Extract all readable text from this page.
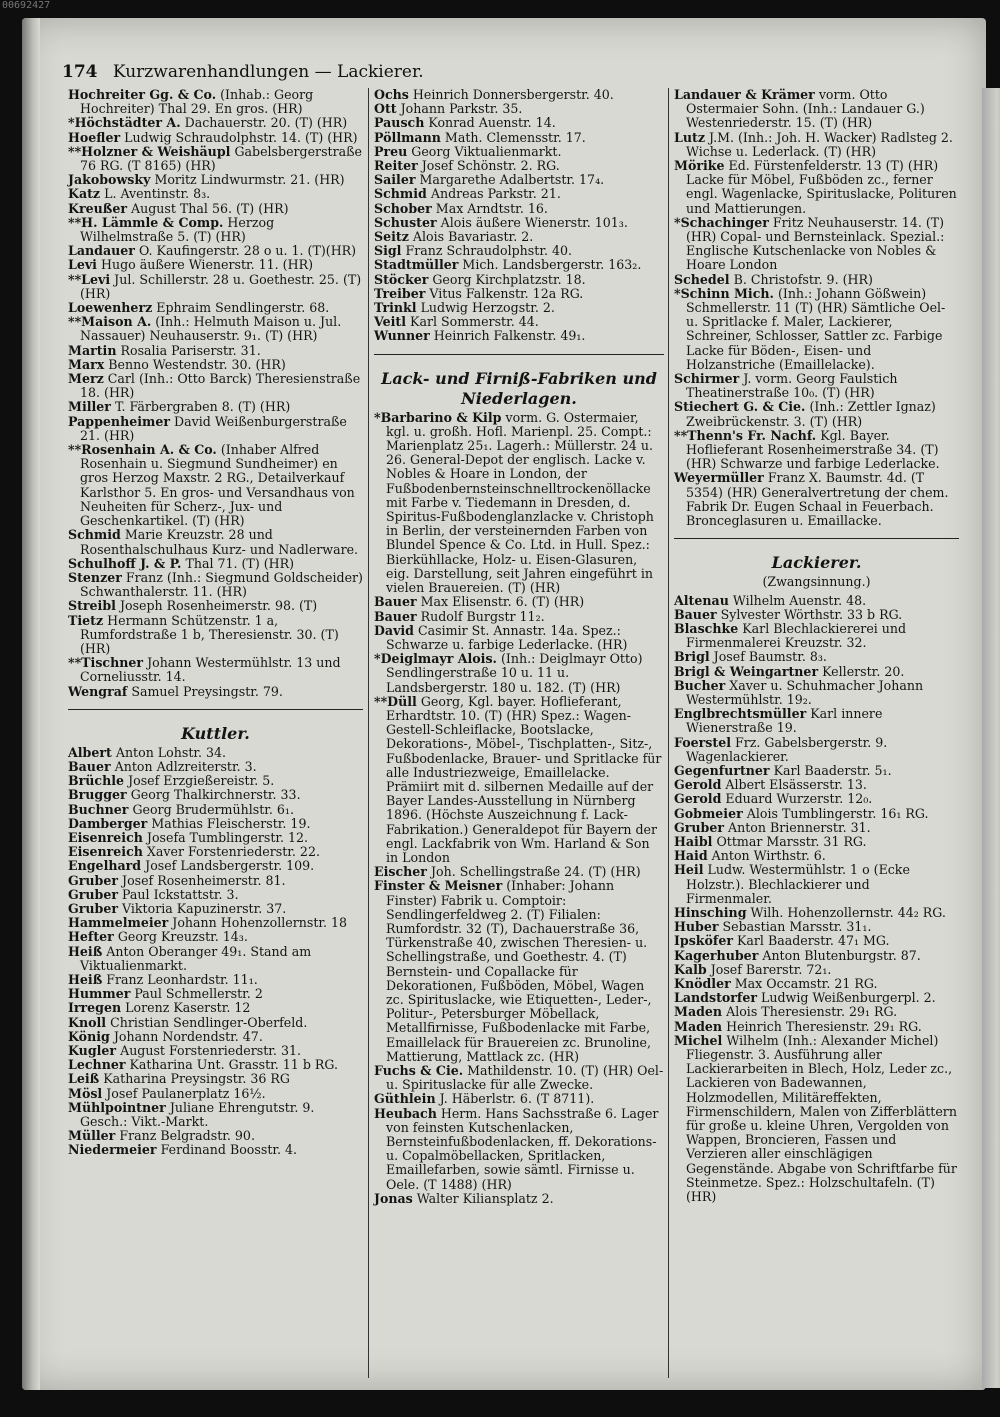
00692427

174 Kurzwarenhandlungen — Lackierer.

Hochreiter Gg. & Co. (Inhab.: Georg Hochreiter) Thal 29. En gros. (HR)

*Höchstädter A. Dachauerstr. 20. (T) (HR)

Hoefler Ludwig Schraudolphstr. 14. (T) (HR)

**Holzner & Weishäupl Gabelsbergerstraße 76 RG. (T 8165) (HR)

Jakobowsky Moritz Lindwurmstr. 21. (HR)

Katz L. Aventinstr. 8₃.

Kreußer August Thal 56. (T) (HR)

**H. Lämmle & Comp. Herzog Wilhelmstraße 5. (T) (HR)

Landauer O. Kaufingerstr. 28 o u. 1. (T)(HR)

Levi Hugo äußere Wienerstr. 11. (HR)

**Levi Jul. Schillerstr. 28 u. Goethestr. 25. (T) (HR)

Loewenherz Ephraim Sendlingerstr. 68.

**Maison A. (Inh.: Helmuth Maison u. Jul. Nassauer) Neuhauserstr. 9₁. (T) (HR)

Martin Rosalia Pariserstr. 31.

Marx Benno Westendstr. 30. (HR)

Merz Carl (Inh.: Otto Barck) Theresienstraße 18. (HR)

Miller T. Färbergraben 8. (T) (HR)

Pappenheimer David Weißenburgerstraße 21. (HR)

**Rosenhain A. & Co. (Inhaber Alfred Rosenhain u. Siegmund Sundheimer) en gros Herzog Maxstr. 2 RG., Detailverkauf Karlsthor 5. En gros- und Versandhaus von Neuheiten für Scherz-, Jux- und Geschenkartikel. (T) (HR)

Schmid Marie Kreuzstr. 28 und Rosenthalschulhaus Kurz- und Nadlerware.

Schulhoff J. & P. Thal 71. (T) (HR)

Stenzer Franz (Inh.: Siegmund Goldscheider) Schwanthalerstr. 11. (HR)

Streibl Joseph Rosenheimerstr. 98. (T)

Tietz Hermann Schützenstr. 1 a, Rumfordstraße 1 b, Theresienstr. 30. (T) (HR)

**Tischner Johann Westermühlstr. 13 und Corneliusstr. 14.

Wengraf Samuel Preysingstr. 79.

Kuttler.

Albert Anton Lohstr. 34.

Bauer Anton Adlzreiterstr. 3.

Brüchle Josef Erzgießereistr. 5.

Brugger Georg Thalkirchnerstr. 33.

Buchner Georg Brudermühlstr. 6₁.

Damberger Mathias Fleischerstr. 19.

Eisenreich Josefa Tumblingerstr. 12.

Eisenreich Xaver Forstenriederstr. 22.

Engelhard Josef Landsbergerstr. 109.

Gruber Josef Rosenheimerstr. 81.

Gruber Paul Ickstattstr. 3.

Gruber Viktoria Kapuzinerstr. 37.

Hammelmeier Johann Hohenzollernstr. 18

Hefter Georg Kreuzstr. 14₃.

Heiß Anton Oberanger 49₁. Stand am Viktualienmarkt.

Heiß Franz Leonhardstr. 11₁.

Hummer Paul Schmellerstr. 2

Irregen Lorenz Kaserstr. 12

Knoll Christian Sendlinger-Oberfeld.

König Johann Nordendstr. 47.

Kugler August Forstenriederstr. 31.

Lechner Katharina Unt. Grasstr. 11 b RG.

Leiß Katharina Preysingstr. 36 RG

Mösl Josef Paulanerplatz 16½.

Mühlpointner Juliane Ehrengutstr. 9. Gesch.: Vikt.-Markt.

Müller Franz Belgradstr. 90.

Niedermeier Ferdinand Boosstr. 4.

Ochs Heinrich Donnersbergerstr. 40.

Ott Johann Parkstr. 35.

Pausch Konrad Auenstr. 14.

Pöllmann Math. Clemensstr. 17.

Preu Georg Viktualienmarkt.

Reiter Josef Schönstr. 2. RG.

Sailer Margarethe Adalbertstr. 17₄.

Schmid Andreas Parkstr. 21.

Schober Max Arndtstr. 16.

Schuster Alois äußere Wienerstr. 101₃.

Seitz Alois Bavariastr. 2.

Sigl Franz Schraudolphstr. 40.

Stadtmüller Mich. Landsbergerstr. 163₂.

Stöcker Georg Kirchplatzstr. 18.

Treiber Vitus Falkenstr. 12a RG.

Trinkl Ludwig Herzogstr. 2.

Veitl Karl Sommerstr. 44.

Wunner Heinrich Falkenstr. 49₁.

Lack- und Firniß-Fabriken und Niederlagen.

*Barbarino & Kilp vorm. G. Ostermaier, kgl. u. großh. Hofl. Marienpl. 25. Compt.: Marienplatz 25₁. Lagerh.: Müllerstr. 24 u. 26. General-Depot der englisch. Lacke v. Nobles & Hoare in London, der Fußbodenbernsteinschnelltrockenöllacke mit Farbe v. Tiedemann in Dresden, d. Spiritus-Fußbodenglanzlacke v. Christoph in Berlin, der versteinernden Farben von Blundel Spence & Co. Ltd. in Hull. Spez.: Bierkühllacke, Holz- u. Eisen-Glasuren, eig. Darstellung, seit Jahren eingeführt in vielen Brauereien. (T) (HR)

Bauer Max Elisenstr. 6. (T) (HR)

Bauer Rudolf Burgstr 11₂.

David Casimir St. Annastr. 14a. Spez.: Schwarze u. farbige Lederlacke. (HR)

*Deiglmayr Alois. (Inh.: Deiglmayr Otto) Sendlingerstraße 10 u. 11 u. Landsbergerstr. 180 u. 182. (T) (HR)

**Düll Georg, Kgl. bayer. Hoflieferant, Erhardtstr. 10. (T) (HR) Spez.: Wagen-Gestell-Schleiflacke, Bootslacke, Dekorations-, Möbel-, Tischplatten-, Sitz-, Fußbodenlacke, Brauer- und Spritlacke für alle Industriezweige, Emaillelacke. Prämiirt mit d. silbernen Medaille auf der Bayer Landes-Ausstellung in Nürnberg 1896. (Höchste Auszeichnung f. Lack-Fabrikation.) Generaldepot für Bayern der engl. Lackfabrik von Wm. Harland & Son in London

Eischer Joh. Schellingstraße 24. (T) (HR)

Finster & Meisner (Inhaber: Johann Finster) Fabrik u. Comptoir: Sendlingerfeldweg 2. (T) Filialen: Rumfordstr. 32 (T), Dachauerstraße 36, Türkenstraße 40, zwischen Theresien- u. Schellingstraße, und Goethestr. 4. (T) Bernstein- und Copallacke für Dekorationen, Fußböden, Möbel, Wagen zc. Spirituslacke, wie Etiquetten-, Leder-, Politur-, Petersburger Möbellack, Metallfirnisse, Fußbodenlacke mit Farbe, Emaillelack für Brauereien zc. Brunoline, Mattierung, Mattlack zc. (HR)

Fuchs & Cie. Mathildenstr. 10. (T) (HR) Oel- u. Spirituslacke für alle Zwecke.

Güthlein J. Häberlstr. 6. (T 8711).

Heubach Herm. Hans Sachsstraße 6. Lager von feinsten Kutschenlacken, Bernsteinfußbodenlacken, ff. Dekorations- u. Copalmöbellacken, Spritlacken, Emaillefarben, sowie sämtl. Firnisse u. Oele. (T 1488) (HR)

Jonas Walter Kiliansplatz 2.

Landauer & Krämer vorm. Otto Ostermaier Sohn. (Inh.: Landauer G.) Westenriederstr. 15. (T) (HR)

Lutz J.M. (Inh.: Joh. H. Wacker) Radlsteg 2. Wichse u. Lederlack. (T) (HR)

Mörike Ed. Fürstenfelderstr. 13 (T) (HR) Lacke für Möbel, Fußböden zc., ferner engl. Wagenlacke, Spirituslacke, Polituren und Mattierungen.

*Schachinger Fritz Neuhauserstr. 14. (T) (HR) Copal- und Bernsteinlack. Spezial.: Englische Kutschenlacke von Nobles & Hoare London

Schedel B. Christofstr. 9. (HR)

*Schinn Mich. (Inh.: Johann Gößwein) Schmellerstr. 11 (T) (HR) Sämtliche Oel- u. Spritlacke f. Maler, Lackierer, Schreiner, Schlosser, Sattler zc. Farbige Lacke für Böden-, Eisen- und Holzanstriche (Emaillelacke).

Schirmer J. vorm. Georg Faulstich Theatinerstraße 10₀. (T) (HR)

Stiechert G. & Cie. (Inh.: Zettler Ignaz) Zweibrückenstr. 3. (T) (HR)

**Thenn's Fr. Nachf. Kgl. Bayer. Hoflieferant Rosenheimerstraße 34. (T) (HR) Schwarze und farbige Lederlacke.

Weyermüller Franz X. Baumstr. 4d. (T 5354) (HR) Generalvertretung der chem. Fabrik Dr. Eugen Schaal in Feuerbach. Bronceglasuren u. Emaillacke.

Lackierer.

(Zwangsinnung.)

Altenau Wilhelm Auenstr. 48.

Bauer Sylvester Wörthstr. 33 b RG.

Blaschke Karl Blechlackiererei und Firmenmalerei Kreuzstr. 32.

Brigl Josef Baumstr. 8₃.

Brigl & Weingartner Kellerstr. 20.

Bucher Xaver u. Schuhmacher Johann Westermühlstr. 19₂.

Englbrechtsmüller Karl innere Wienerstraße 19.

Foerstel Frz. Gabelsbergerstr. 9. Wagenlackierer.

Gegenfurtner Karl Baaderstr. 5₁.

Gerold Albert Elsässerstr. 13.

Gerold Eduard Wurzerstr. 12₀.

Gobmeier Alois Tumblingerstr. 16₁ RG.

Gruber Anton Briennerstr. 31.

Haibl Ottmar Marsstr. 31 RG.

Haid Anton Wirthstr. 6.

Heil Ludw. Westermühlstr. 1 o (Ecke Holzstr.). Blechlackierer und Firmenmaler.

Hinsching Wilh. Hohenzollernstr. 44₂ RG.

Huber Sebastian Marsstr. 31₁.

Ipsköfer Karl Baaderstr. 47₁ MG.

Kagerhuber Anton Blutenburgstr. 87.

Kalb Josef Barerstr. 72₁.

Knödler Max Occamstr. 21 RG.

Landstorfer Ludwig Weißenburgerpl. 2.

Maden Alois Theresienstr. 29₁ RG.

Maden Heinrich Theresienstr. 29₁ RG.

Michel Wilhelm (Inh.: Alexander Michel) Fliegenstr. 3. Ausführung aller Lackierarbeiten in Blech, Holz, Leder zc., Lackieren von Badewannen, Holzmodellen, Militäreffekten, Firmenschildern, Malen von Zifferblättern für große u. kleine Uhren, Vergolden von Wappen, Broncieren, Fassen und Verzieren aller einschlägigen Gegenstände. Abgabe von Schriftfarbe für Steinmetze. Spez.: Holzschultafeln. (T) (HR)
